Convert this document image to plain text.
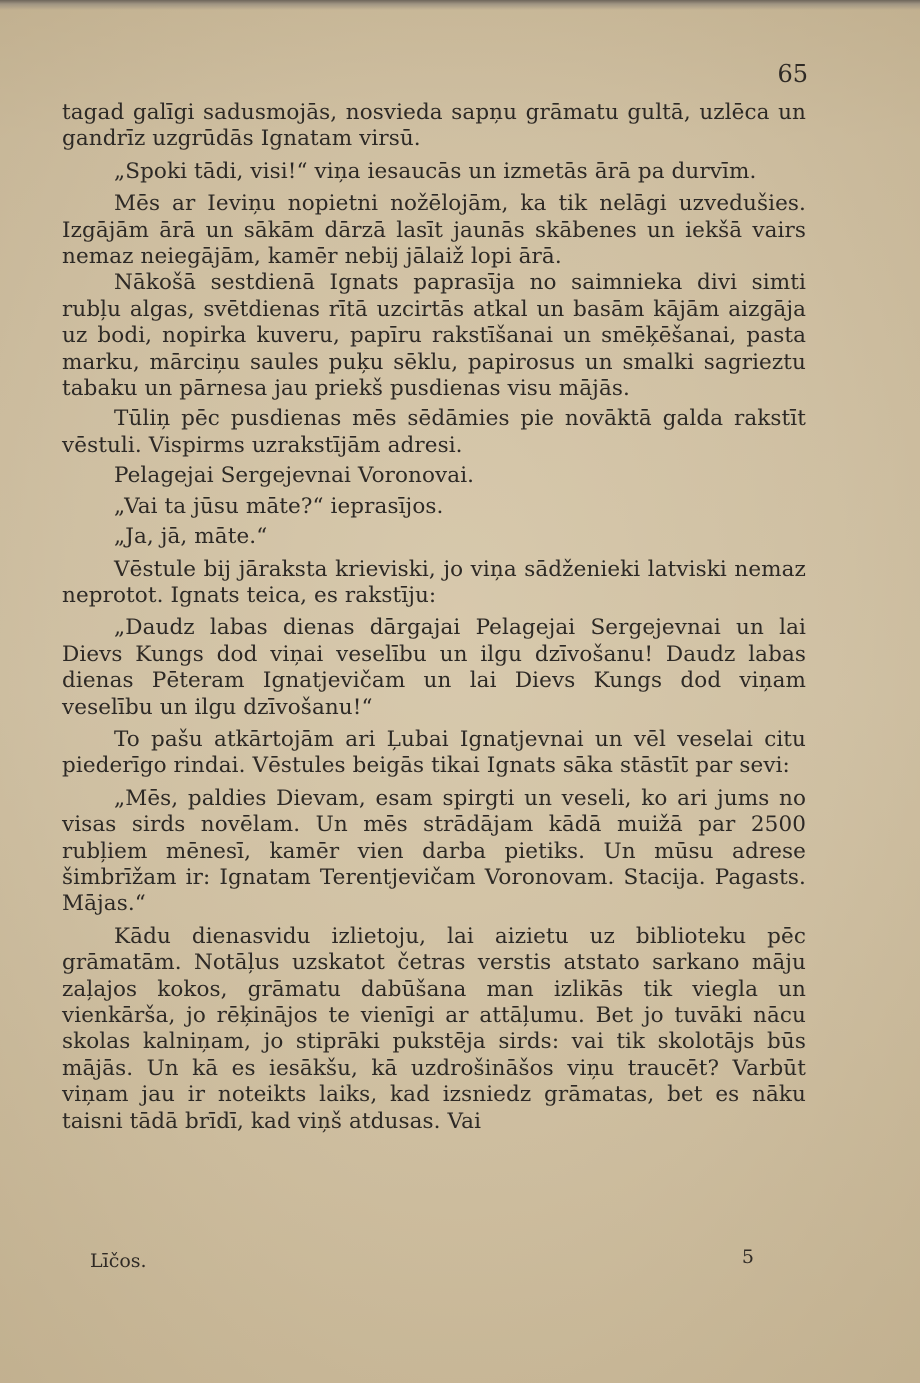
65

tagad galīgi sadusmojās, nosvieda sapņu grāmatu gultā, uzlēca un gandrīz uzgrūdās Ignatam virsū.

„Spoki tādi, visi!“ viņa iesaucās un izmetās ārā pa durvīm.

Mēs ar Ieviņu nopietni nožēlojām, ka tik nelāgi uzvedušies. Izgājām ārā un sākām dārzā lasīt jaunās skābenes un iekšā vairs nemaz neiegājām, kamēr nebij jālaiž lopi ārā.

Nākošā sestdienā Ignats paprasīja no saimnieka divi simti rubļu algas, svētdienas rītā uzcirtās atkal un basām kājām aizgāja uz bodi, nopirka kuveru, papīru rakstīšanai un smēķēšanai, pasta marku, mārciņu saules puķu sēklu, papirosus un smalki sagrieztu tabaku un pārnesa jau priekš pusdienas visu mājās.

Tūliņ pēc pusdienas mēs sēdāmies pie novāktā galda rakstīt vēstuli. Vispirms uzrakstījām adresi.

Pelagejai Sergejevnai Voronovai.

„Vai ta jūsu māte?“ ieprasījos.

„Ja, jā, māte.“

Vēstule bij jāraksta krieviski, jo viņa sādženieki latviski nemaz neprotot. Ignats teica, es rakstīju:

„Daudz labas dienas dārgajai Pelagejai Sergejevnai un lai Dievs Kungs dod viņai veselību un ilgu dzīvošanu! Daudz labas dienas Pēteram Ignatjevičam un lai Dievs Kungs dod viņam veselību un ilgu dzīvošanu!“

To pašu atkārtojām ari Ļubai Ignatjevnai un vēl veselai citu piederīgo rindai. Vēstules beigās tikai Ignats sāka stāstīt par sevi:

„Mēs, paldies Dievam, esam spirgti un veseli, ko ari jums no visas sirds novēlam. Un mēs strādājam kādā muižā par 2500 rubļiem mēnesī, kamēr vien darba pietiks. Un mūsu adrese šimbrīžam ir: Ignatam Terentjevičam Voronovam. Stacija. Pagasts. Mājas.“

Kādu dienasvidu izlietoju, lai aizietu uz biblioteku pēc grāmatām. Notāļus uzskatot četras verstis atstato sarkano māju zaļajos kokos, grāmatu dabūšana man izlikās tik viegla un vienkārša, jo rēķinājos te vienīgi ar attāļumu. Bet jo tuvāki nācu skolas kalniņam, jo stiprāki pukstēja sirds: vai tik skolotājs būs mājās. Un kā es iesākšu, kā uzdrošināšos viņu traucēt? Varbūt viņam jau ir noteikts laiks, kad izsniedz grāmatas, bet es nāku taisni tādā brīdī, kad viņš atdusas. Vai

Līčos.	5
